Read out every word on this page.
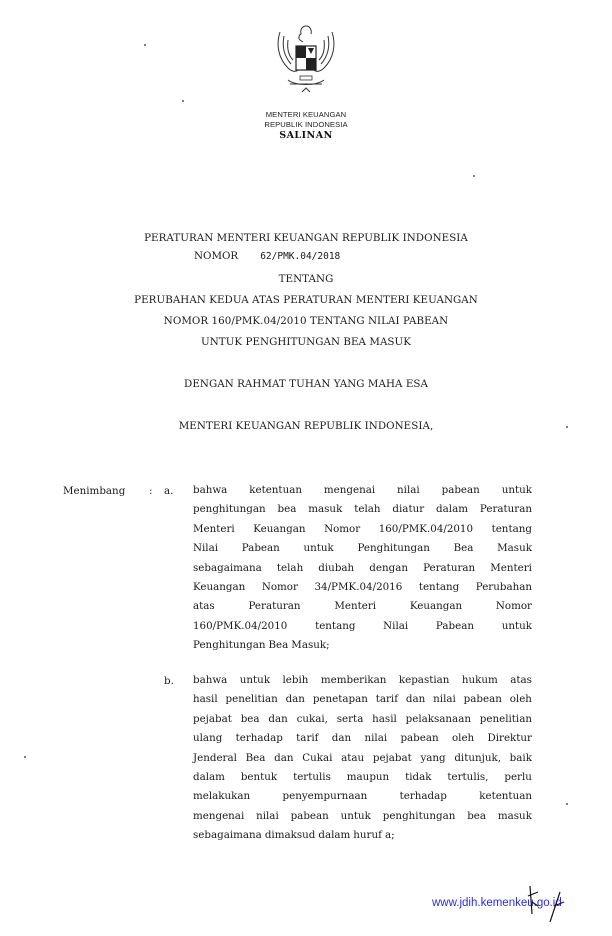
MENTERI KEUANGAN
REPUBLIK INDONESIA
SALINAN
PERATURAN MENTERI KEUANGAN REPUBLIK INDONESIA
NOMOR 62/PMK.04/2018
TENTANG
PERUBAHAN KEDUA ATAS PERATURAN MENTERI KEUANGAN
NOMOR 160/PMK.04/2010 TENTANG NILAI PABEAN
UNTUK PENGHITUNGAN BEA MASUK
DENGAN RAHMAT TUHAN YANG MAHA ESA
MENTERI KEUANGAN REPUBLIK INDONESIA,
Menimbang : a. bahwa ketentuan mengenai nilai pabean untuk
penghitungan bea masuk telah diatur dalam Peraturan
Menteri Keuangan Nomor 160/PMK.04/2010 tentang
Nilai Pabean untuk Penghitungan Bea Masuk
sebagaimana telah diubah dengan Peraturan Menteri
Keuangan Nomor 34/PMK.04/2016 tentang Perubahan
atas	Peraturan	Menteri	Keuangan	Nomor
160/PMK.04/2010	tentang	Nilai	Pabean	untuk
Penghitungan Bea Masuk;
b. bahwa untuk lebih memberikan kepastian hukum atas
hasil penelitian dan penetapan tarif dan nilai pabean oleh
pejabat bea dan cukai, serta hasil pelaksanaan penelitian
ulang terhadap tarif dan nilai pabean oleh Direktur
Jenderal Bea dan Cukai atau pejabat yang ditunjuk, baik
dalam bentuk tertulis maupun tidak tertulis, perlu
melakukan	penyempurnaan	terhadap	ketentuan
mengenai nilai pabean untuk penghitungan bea masuk
sebagaimana dimaksud dalam huruf a;
www.jdih.kemenkeu.go.id
